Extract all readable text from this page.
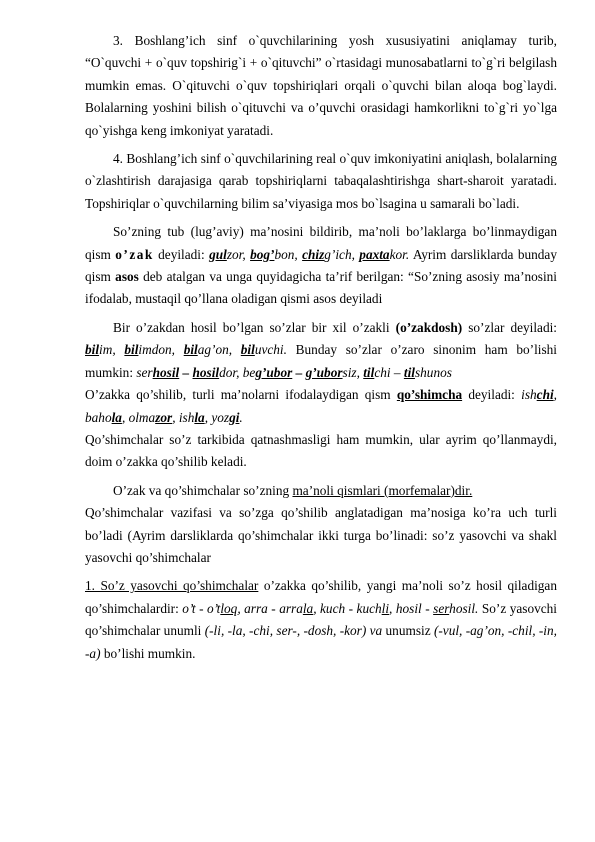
3. Boshlang’ich sinf o`quvchilarining yosh xususiyatini aniqlamay turib, “O`quvchi + o`quv topshirig`i + o`qituvchi” o`rtasidagi munosabatlarni to`g`ri belgilash mumkin emas. O`qituvchi o`quv topshiriqlari orqali o`quvchi bilan aloqa bog`laydi. Bolalarning yoshini bilish o`qituvchi va o’quvchi orasidagi hamkorlikni to`g`ri yo`lga qo`yishga keng imkoniyat yaratadi.

4. Boshlang’ich sinf o`quvchilarining real o`quv imkoniyatini aniqlash, bolalarning o`zlashtirish darajasiga qarab topshiriqlarni tabaqalashtirishga shart-sharoit yaratadi. Topshiriqlar o`quvchilarning bilim sa’viyasiga mos bo`lsagina u samarali bo`ladi.

So’zning tub (lug’aviy) ma’nosini bildirib, ma’noli bo’laklarga bo’linmaydigan qism o’zak deyiladi: gulzor, bog’bon, chizg’ich, paxtakor. Ayrim darsliklarda bunday qism asos deb atalgan va unga quyidagicha ta’rif berilgan: “So’zning asosiy ma’nosini ifodalab, mustaqil qo’llana oladigan qismi asos deyiladi

Bir o’zakdan hosil bo’lgan so’zlar bir xil o’zakli (o’zakdosh) so’zlar deyiladi: bilim, bilimdon, bilag’on, biluvchi. Bunday so’zlar o’zaro sinonim ham bo’lishi mumkin: serhosil – hosildor, beg’ubor – g’uborsiz, tilchi – tilshunos

O’zakka qo’shilib, turli ma’nolarni ifodalaydigan qism qo’shimcha deyiladi: ishchi, bahola, olmazor, ishla, yozgi.

Qo’shimchalar so’z tarkibida qatnashmasligi ham mumkin, ular ayrim qo’llanmaydi, doim o’zakka qo’shilib keladi.

O’zak va qo’shimchalar so’zning ma’noli qismlari (morfemalar)dir.

Qo’shimchalar vazifasi va so’zga qo’shilib anglatadigan ma’nosiga ko’ra uch turli bo’ladi (Ayrim darsliklarda qo’shimchalar ikki turga bo’linadi: so’z yasovchi va shakl yasovchi qo’shimchalar

1. So’z yasovchi qo’shimchalar o’zakka qo’shilib, yangi ma’noli so’z hosil qiladigan qo’shimchalardir: o’t - o’tloq, arra - arrala, kuch - kuchli, hosil - serhosil. So’z yasovchi qo’shimchalar unumli (-li, -la, -chi, ser-, -dosh, -kor) va unumsiz (-vul, -ag’on, -chil, -in, -a) bo’lishi mumkin.
